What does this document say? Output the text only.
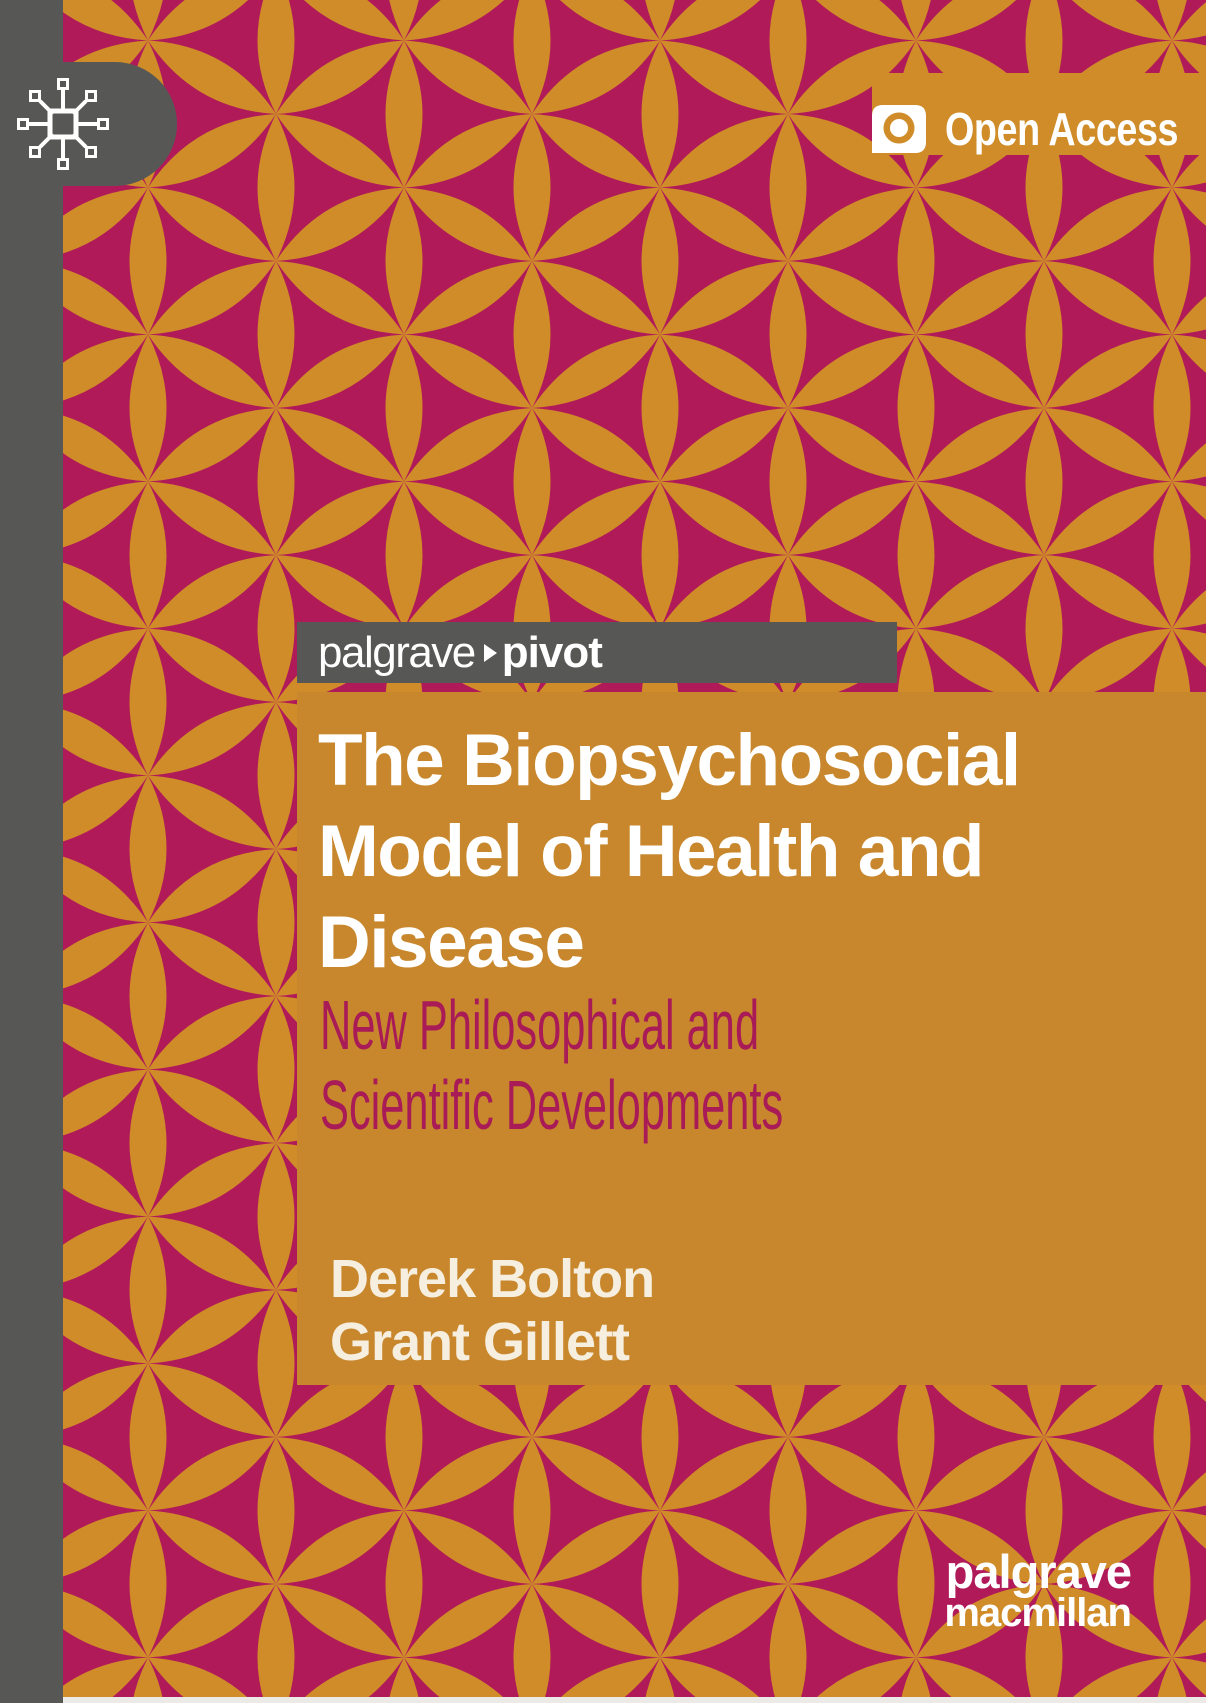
Open Access
palgrave pivot
The Biopsychosocial
Model of Health and
Disease
New Philosophical and
Scientific Developments
Derek Bolton
Grant Gillett
palgrave
macmillan
